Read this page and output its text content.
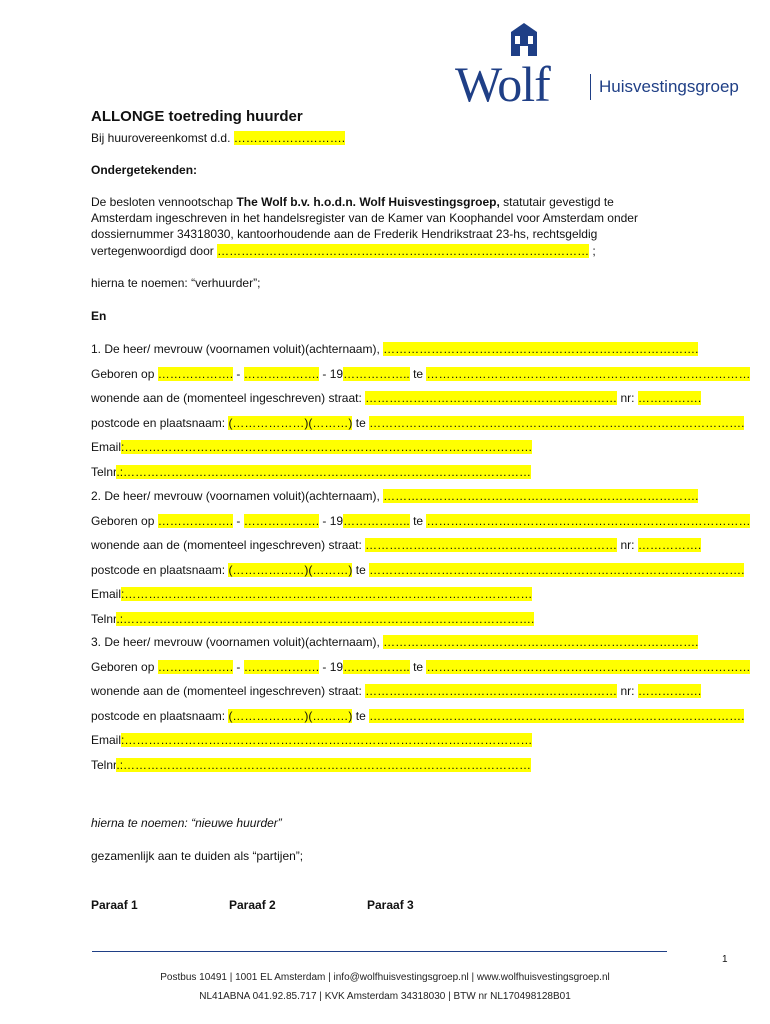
Wolf	Huisvestingsgroep
ALLONGE toetreding huurder
Bij huurovereenkomst d.d. ……………………….
Ondergetekenden:
De besloten vennootschap The Wolf b.v. h.o.d.n. Wolf Huisvestingsgroep, statutair gevestigd te
Amsterdam ingeschreven in het handelsregister van de Kamer van Koophandel voor Amsterdam onder
dossiernummer 34318030, kantoorhoudende aan de Frederik Hendrikstraat 23-hs, rechtsgeldig
vertegenwoordigd door ………………………………………………………………………………… ;
hierna te noemen: “verhuurder”;
En
1. De heer/ mevrouw (voornamen voluit)(achternaam), …………………………………………………………………….
Geboren op ………………. - ………………. - 19…………….. te ………………………………………………………………………
wonende aan de (momenteel ingeschreven) straat: ……………………………………………………… nr: …………….
postcode en plaatsnaam: (………………)(………) te ………………………………………………………………………………….
Email:…………………………………………………………………………………………
Telnr.:…………………………………………………………………………………………
2. De heer/ mevrouw (voornamen voluit)(achternaam), …………………………………………………………………….
Geboren op ………………. - ………………. - 19…………….. te ………………………………………………………………………
wonende aan de (momenteel ingeschreven) straat: ……………………………………………………… nr: …………….
postcode en plaatsnaam: (………………)(………) te ………………………………………………………………………………….
Email:…………………………………………………………………………………………
Telnr.:………………………………………………………………………………………….
3. De heer/ mevrouw (voornamen voluit)(achternaam), …………………………………………………………………….
Geboren op ………………. - ………………. - 19…………….. te ………………………………………………………………………
wonende aan de (momenteel ingeschreven) straat: ……………………………………………………… nr: …………….
postcode en plaatsnaam: (………………)(………) te ………………………………………………………………………………….
Email:…………………………………………………………………………………………
Telnr.:…………………………………………………………………………………………
hierna te noemen: “nieuwe huurder”
gezamenlijk aan te duiden als “partijen”;
Paraaf 1	Paraaf 2	Paraaf 3
1
Postbus 10491 | 1001 EL Amsterdam | info@wolfhuisvestingsgroep.nl | www.wolfhuisvestingsgroep.nl
NL41ABNA 041.92.85.717 | KVK Amsterdam 34318030 | BTW nr NL170498128B01
